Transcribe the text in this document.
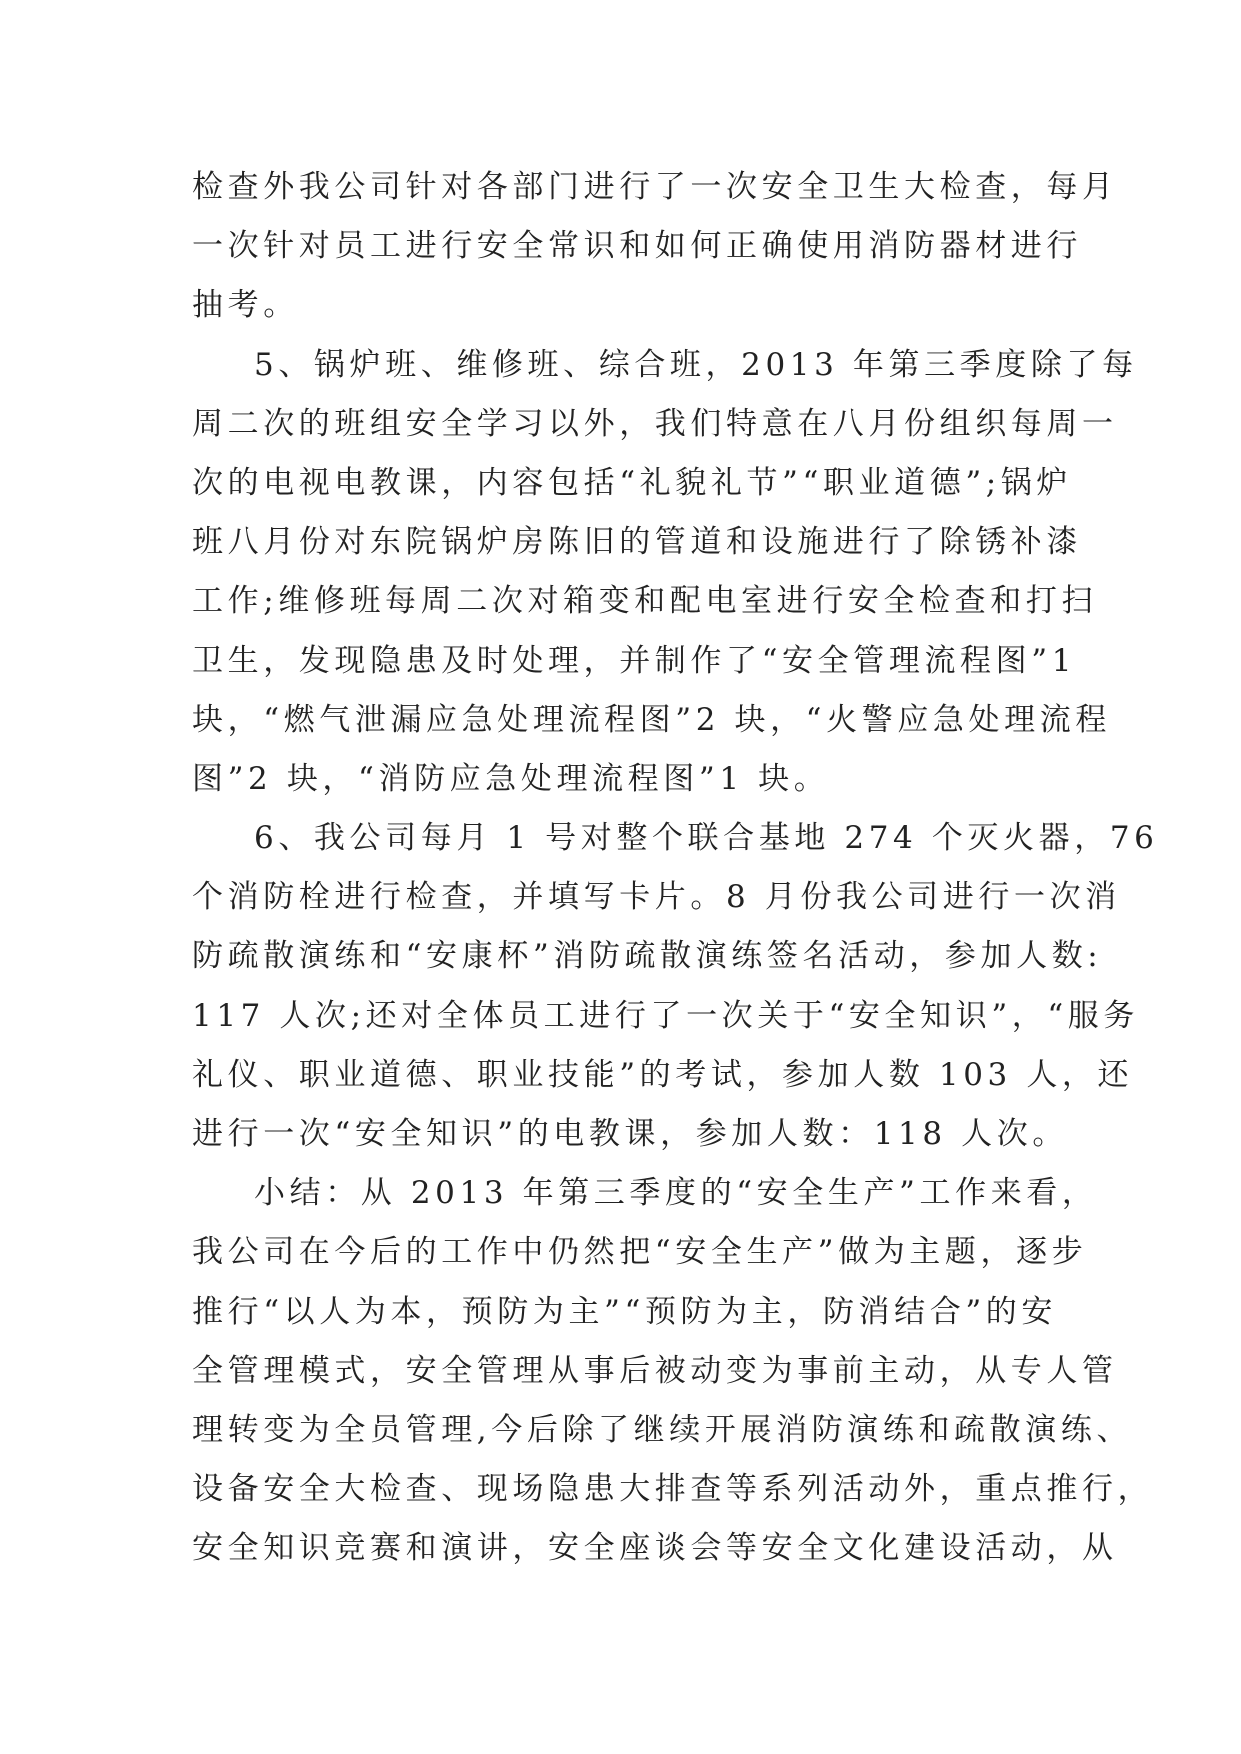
检查外我公司针对各部门进行了一次安全卫生大检查，每月
一次针对员工进行安全常识和如何正确使用消防器材进行
抽考。
5、锅炉班、维修班、综合班，2013 年第三季度除了每
周二次的班组安全学习以外，我们特意在八月份组织每周一
次的电视电教课，内容包括“礼貌礼节”“职业道德”;锅炉
班八月份对东院锅炉房陈旧的管道和设施进行了除锈补漆
工作;维修班每周二次对箱变和配电室进行安全检查和打扫
卫生，发现隐患及时处理，并制作了“安全管理流程图”1
块，“燃气泄漏应急处理流程图”2 块，“火警应急处理流程
图”2 块，“消防应急处理流程图”1 块。
6、我公司每月 1 号对整个联合基地 274 个灭火器，76
个消防栓进行检查，并填写卡片。8 月份我公司进行一次消
防疏散演练和“安康杯”消防疏散演练签名活动，参加人数:
117 人次;还对全体员工进行了一次关于“安全知识”，“服务
礼仪、职业道德、职业技能”的考试，参加人数 103 人，还
进行一次“安全知识”的电教课，参加人数：118 人次。
小结：从 2013 年第三季度的“安全生产”工作来看，
我公司在今后的工作中仍然把“安全生产”做为主题，逐步
推行“以人为本，预防为主”“预防为主，防消结合”的安
全管理模式，安全管理从事后被动变为事前主动，从专人管
理转变为全员管理,今后除了继续开展消防演练和疏散演练、
设备安全大检查、现场隐患大排查等系列活动外，重点推行，
安全知识竞赛和演讲，安全座谈会等安全文化建设活动，从
